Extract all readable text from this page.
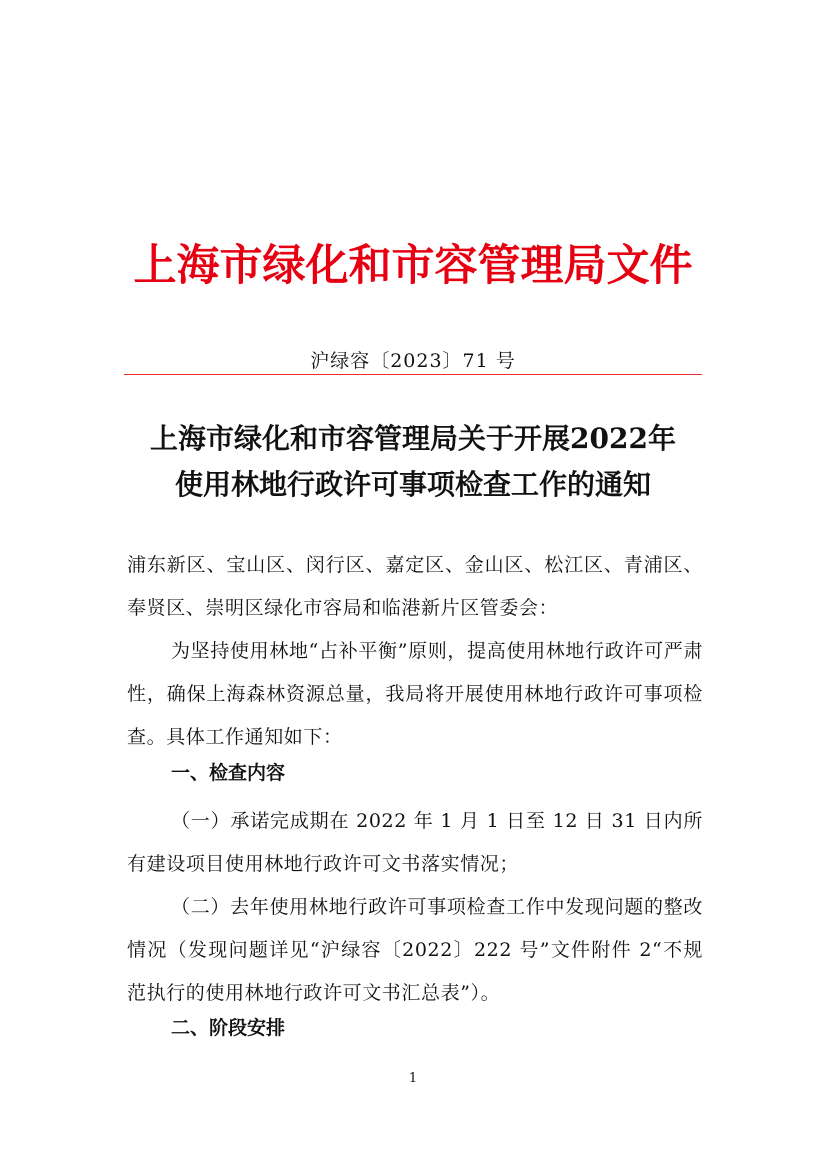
上海市绿化和市容管理局文件
沪绿容〔2023〕71 号
上海市绿化和市容管理局关于开展2022年
使用林地行政许可事项检查工作的通知
浦东新区、宝山区、闵行区、嘉定区、金山区、松江区、青浦区、奉贤区、崇明区绿化市容局和临港新片区管委会：
为坚持使用林地“占补平衡”原则，提高使用林地行政许可严肃性，确保上海森林资源总量，我局将开展使用林地行政许可事项检查。具体工作通知如下：
一、检查内容
（一）承诺完成期在 2022 年 1 月 1 日至 12 日 31 日内所有建设项目使用林地行政许可文书落实情况；
（二）去年使用林地行政许可事项检查工作中发现问题的整改情况（发现问题详见“沪绿容〔2022〕222 号”文件附件 2“不规范执行的使用林地行政许可文书汇总表”）。
二、阶段安排
1
